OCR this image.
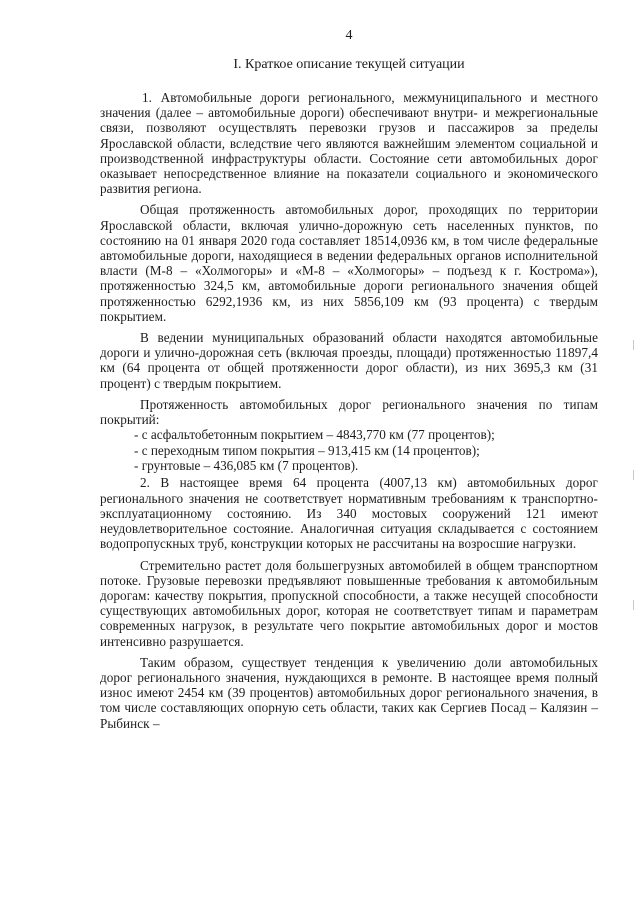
4
I. Краткое описание текущей ситуации

1. Автомобильные дороги регионального, межмуниципального и местного значения (далее – автомобильные дороги) обеспечивают внутри- и межрегиональные связи, позволяют осуществлять перевозки грузов и пассажиров за пределы Ярославской области, вследствие чего являются важнейшим элементом социальной и производственной инфраструктуры области. Состояние сети автомобильных дорог оказывает непосредственное влияние на показатели социального и экономического развития региона.

Общая протяженность автомобильных дорог, проходящих по территории Ярославской области, включая улично-дорожную сеть населенных пунктов, по состоянию на 01 января 2020 года составляет 18514,0936 км, в том числе федеральные автомобильные дороги, находящиеся в ведении федеральных органов исполнительной власти (М-8 – «Холмогоры» и «М-8 – «Холмогоры» – подъезд к г. Кострома»), протяженностью 324,5 км, автомобильные дороги регионального значения общей протяженностью 6292,1936 км, из них 5856,109 км (93 процента) с твердым покрытием.

В ведении муниципальных образований области находятся автомобильные дороги и улично-дорожная сеть (включая проезды, площади) протяженностью 11897,4 км (64 процента от общей протяженности дорог области), из них 3695,3 км (31 процент) с твердым покрытием.

Протяженность автомобильных дорог регионального значения по типам покрытий:

- с асфальтобетонным покрытием – 4843,770 км (77 процентов);

- с переходным типом покрытия – 913,415 км (14 процентов);

- грунтовые – 436,085 км (7 процентов).

2. В настоящее время 64 процента (4007,13 км) автомобильных дорог регионального значения не соответствует нормативным требованиям к транспортно-эксплуатационному состоянию. Из 340 мостовых сооружений 121 имеют неудовлетворительное состояние. Аналогичная ситуация складывается с состоянием водопропускных труб, конструкции которых не рассчитаны на возросшие нагрузки.

Стремительно растет доля большегрузных автомобилей в общем транспортном потоке. Грузовые перевозки предъявляют повышенные требования к автомобильным дорогам: качеству покрытия, пропускной способности, а также несущей способности существующих автомобильных дорог, которая не соответствует типам и параметрам современных нагрузок, в результате чего покрытие автомобильных дорог и мостов интенсивно разрушается.

Таким образом, существует тенденция к увеличению доли автомобильных дорог регионального значения, нуждающихся в ремонте. В настоящее время полный износ имеют 2454 км (39 процентов) автомобильных дорог регионального значения, в том числе составляющих опорную сеть области, таких как Сергиев Посад – Калязин – Рыбинск –
